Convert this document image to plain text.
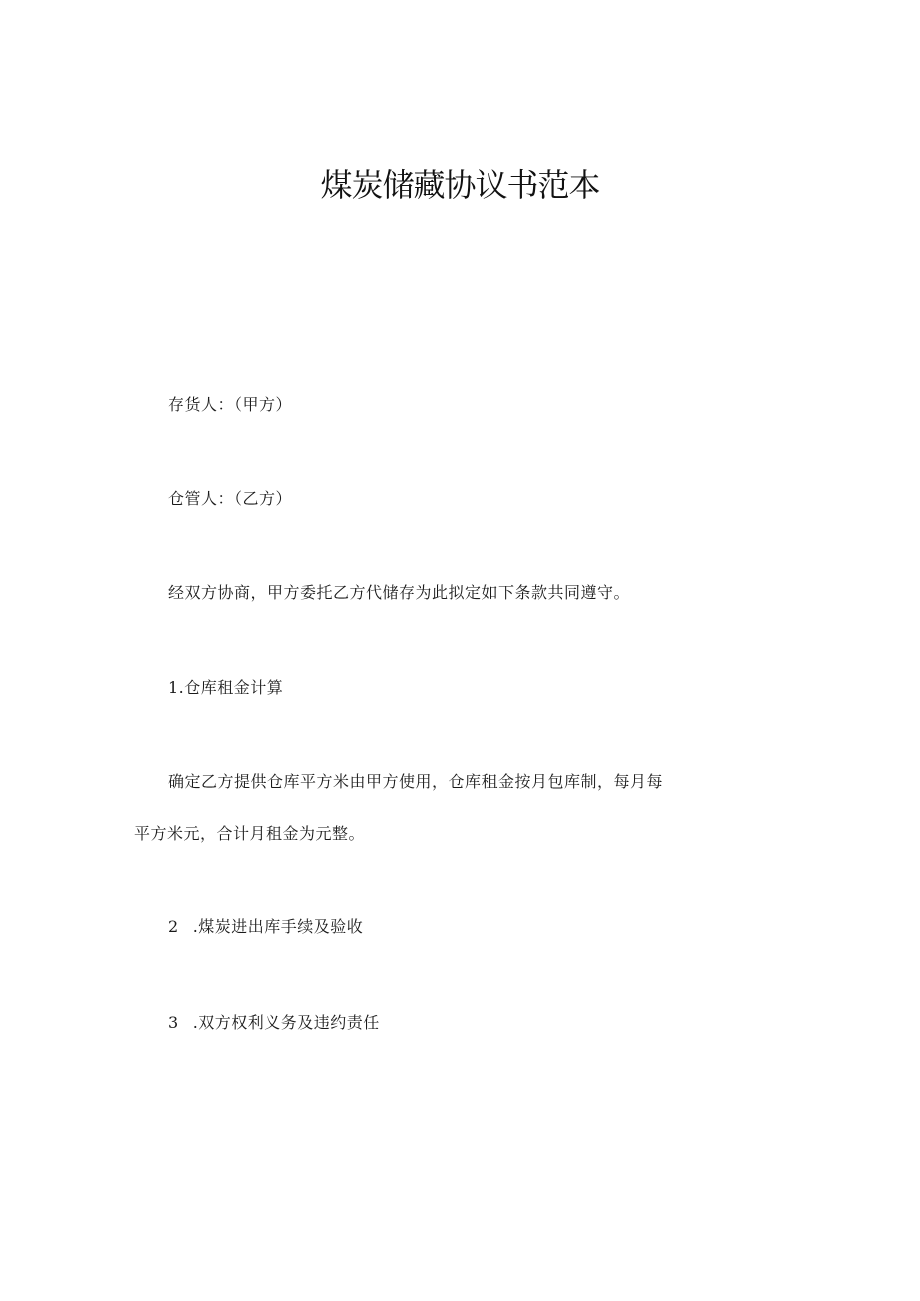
煤炭储藏协议书范本
存货人：（甲方）
仓管人：（乙方）
经双方协商，甲方委托乙方代储存为此拟定如下条款共同遵守。
1.仓库租金计算
确定乙方提供仓库平方米由甲方使用，仓库租金按月包库制，每月每
平方米元，合计月租金为元整。
2 .煤炭进出库手续及验收
3 .双方权利义务及违约责任
